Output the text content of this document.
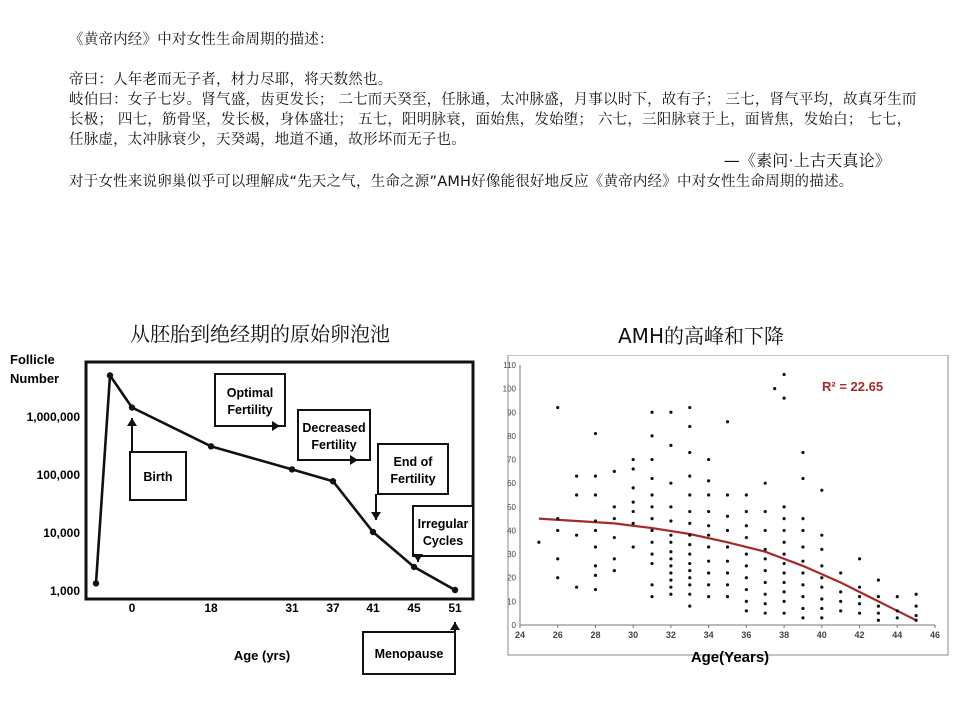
《黄帝内经》中对女性生命周期的描述：

帝曰：人年老而无子者，材力尽耶，将天数然也。

岐伯曰：女子七岁。肾气盛，齿更发长； 二七而天癸至，任脉通，太冲脉盛，月事以时下，故有子； 三七，肾气平均，故真牙生而长极； 四七，筋骨坚，发长极，身体盛壮； 五七，阳明脉衰，面始焦，发始堕； 六七，三阳脉衰于上，面皆焦，发始白； 七七，任脉虚，太冲脉衰少，天癸竭，地道不通，故形坏而无子也。

—《素问·上古天真论》

对于女性来说卵巢似乎可以理解成“先天之气，生命之源”AMH好像能很好地反应《黄帝内经》中对女性生命周期的描述。

从胚胎到绝经期的原始卵泡池	AMH的高峰和下降
Follicle
Number
1,000,000
100,000
10,000
1,000
0	18	31 37 41 45 51
Age (yrs)
Birth
Optimal
Fertility
Decreased
Fertility
End of
Fertility
Irregular
Cycles
Menopause
0
10
20
30
40
50
60
70
80
90
100
110
24	26	28	30	32	34	36	38	40	42	44	46
R² = 22.65
Age(Years)
